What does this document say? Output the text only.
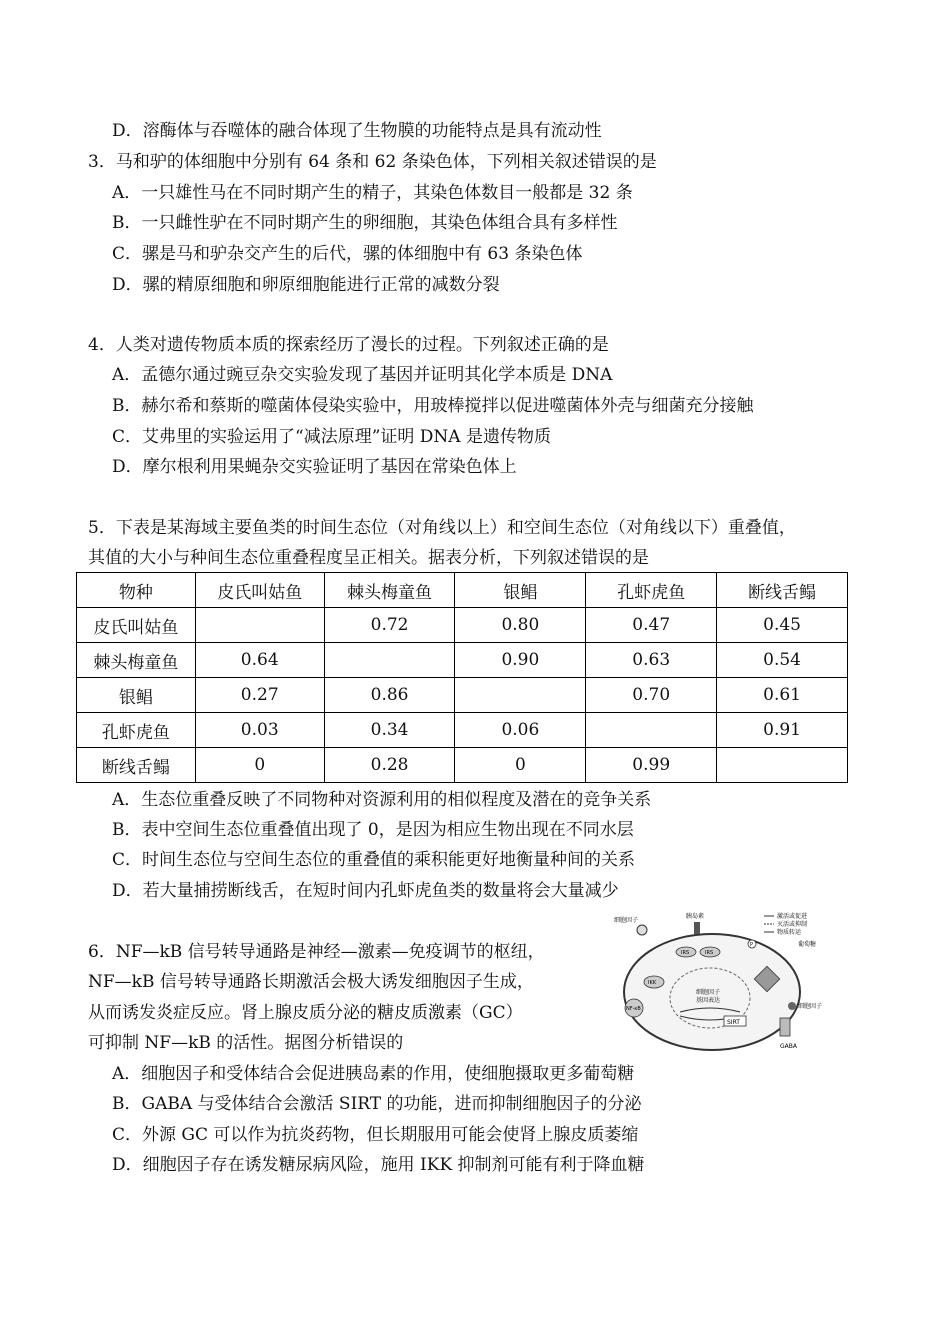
D．溶酶体与吞噬体的融合体现了生物膜的功能特点是具有流动性
3．马和驴的体细胞中分别有 64 条和 62 条染色体，下列相关叙述错误的是
A．一只雄性马在不同时期产生的精子，其染色体数目一般都是 32 条
B．一只雌性驴在不同时期产生的卵细胞，其染色体组合具有多样性
C．骡是马和驴杂交产生的后代，骡的体细胞中有 63 条染色体
D．骡的精原细胞和卵原细胞能进行正常的减数分裂
4．人类对遗传物质本质的探索经历了漫长的过程。下列叙述正确的是
A．孟德尔通过豌豆杂交实验发现了基因并证明其化学本质是 DNA
B．赫尔希和蔡斯的噬菌体侵染实验中，用玻棒搅拌以促进噬菌体外壳与细菌充分接触
C．艾弗里的实验运用了“减法原理”证明 DNA 是遗传物质
D．摩尔根利用果蝇杂交实验证明了基因在常染色体上
5．下表是某海域主要鱼类的时间生态位（对角线以上）和空间生态位（对角线以下）重叠值，
其值的大小与种间生态位重叠程度呈正相关。据表分析，下列叙述错误的是
物种	皮氏叫姑鱼	棘头梅童鱼	银鲳	孔虾虎鱼	断线舌鳎
皮氏叫姑鱼		0.72	0.80	0.47	0.45
棘头梅童鱼	0.64		0.90	0.63	0.54
银鲳	0.27	0.86		0.70	0.61
孔虾虎鱼	0.03	0.34	0.06		0.91
断线舌鳎	0	0.28	0	0.99	
A．生态位重叠反映了不同物种对资源利用的相似程度及潜在的竞争关系
B．表中空间生态位重叠值出现了 0，是因为相应生物出现在不同水层
C．时间生态位与空间生态位的重叠值的乘积能更好地衡量种间的关系
D．若大量捕捞断线舌，在短时间内孔虾虎鱼类的数量将会大量减少
6．NF—kB 信号转导通路是神经—激素—免疫调节的枢纽，
NF—kB 信号转导通路长期激活会极大诱发细胞因子生成，
从而诱发炎症反应。肾上腺皮质分泌的糖皮质激素（GC）
可抑制 NF—kB 的活性。据图分析错误的
A．细胞因子和受体结合会促进胰岛素的作用，使细胞摄取更多葡萄糖
B．GABA 与受体结合会激活 SIRT 的功能，进而抑制细胞因子的分泌
C．外源 GC 可以作为抗炎药物，但长期服用可能会使肾上腺皮质萎缩
D．细胞因子存在诱发糖尿病风险，施用 IKK 抑制剂可能有利于降血糖
细胞因子
胰岛素	激活或促进
灭活或抑制
物质转运
葡萄糖
IRS	IRS
P
IKK
NF-κB
细胞因子
基因表达
细胞因子
SIRT
GABA
